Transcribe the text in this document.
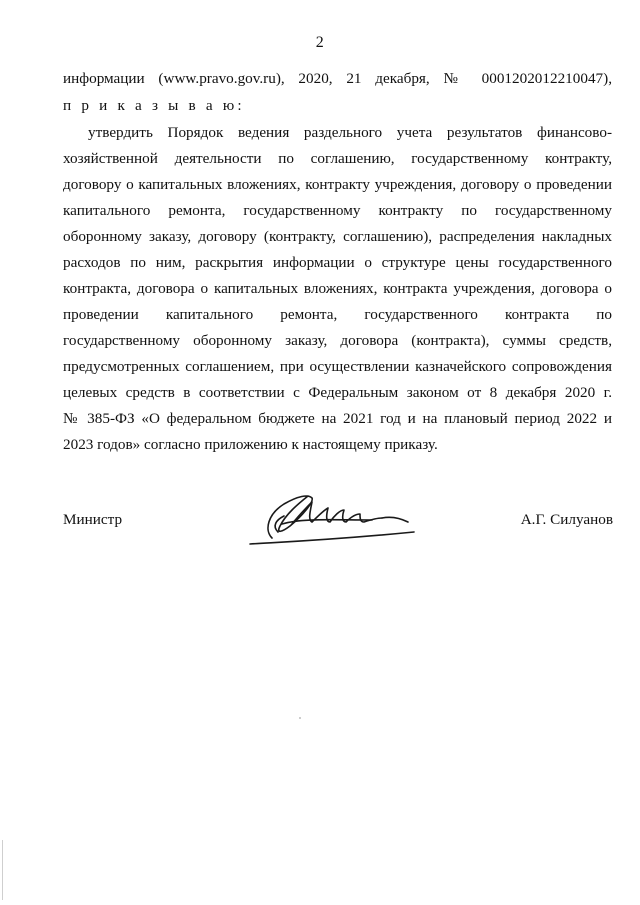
2
информации (www.pravo.gov.ru), 2020, 21 декабря, № 0001202012210047),
п р и к а з ы в а ю:
утвердить Порядок ведения раздельного учета результатов финансово-
хозяйственной деятельности по соглашению, государственному контракту,
договору о капитальных вложениях, контракту учреждения, договору о проведении
капитального ремонта, государственному контракту по государственному
оборонному заказу, договору (контракту, соглашению), распределения накладных
расходов по ним, раскрытия информации о структуре цены государственного
контракта, договора о капитальных вложениях, контракта учреждения, договора о
проведении капитального ремонта, государственного контракта по
государственному оборонному заказу, договора (контракта), суммы средств,
предусмотренных соглашением, при осуществлении казначейского сопровождения
целевых средств в соответствии с Федеральным законом от 8 декабря 2020 г.
№ 385-ФЗ «О федеральном бюджете на 2021 год и на плановый период 2022 и
2023 годов» согласно приложению к настоящему приказу.
Министр	А.Г. Силуанов
